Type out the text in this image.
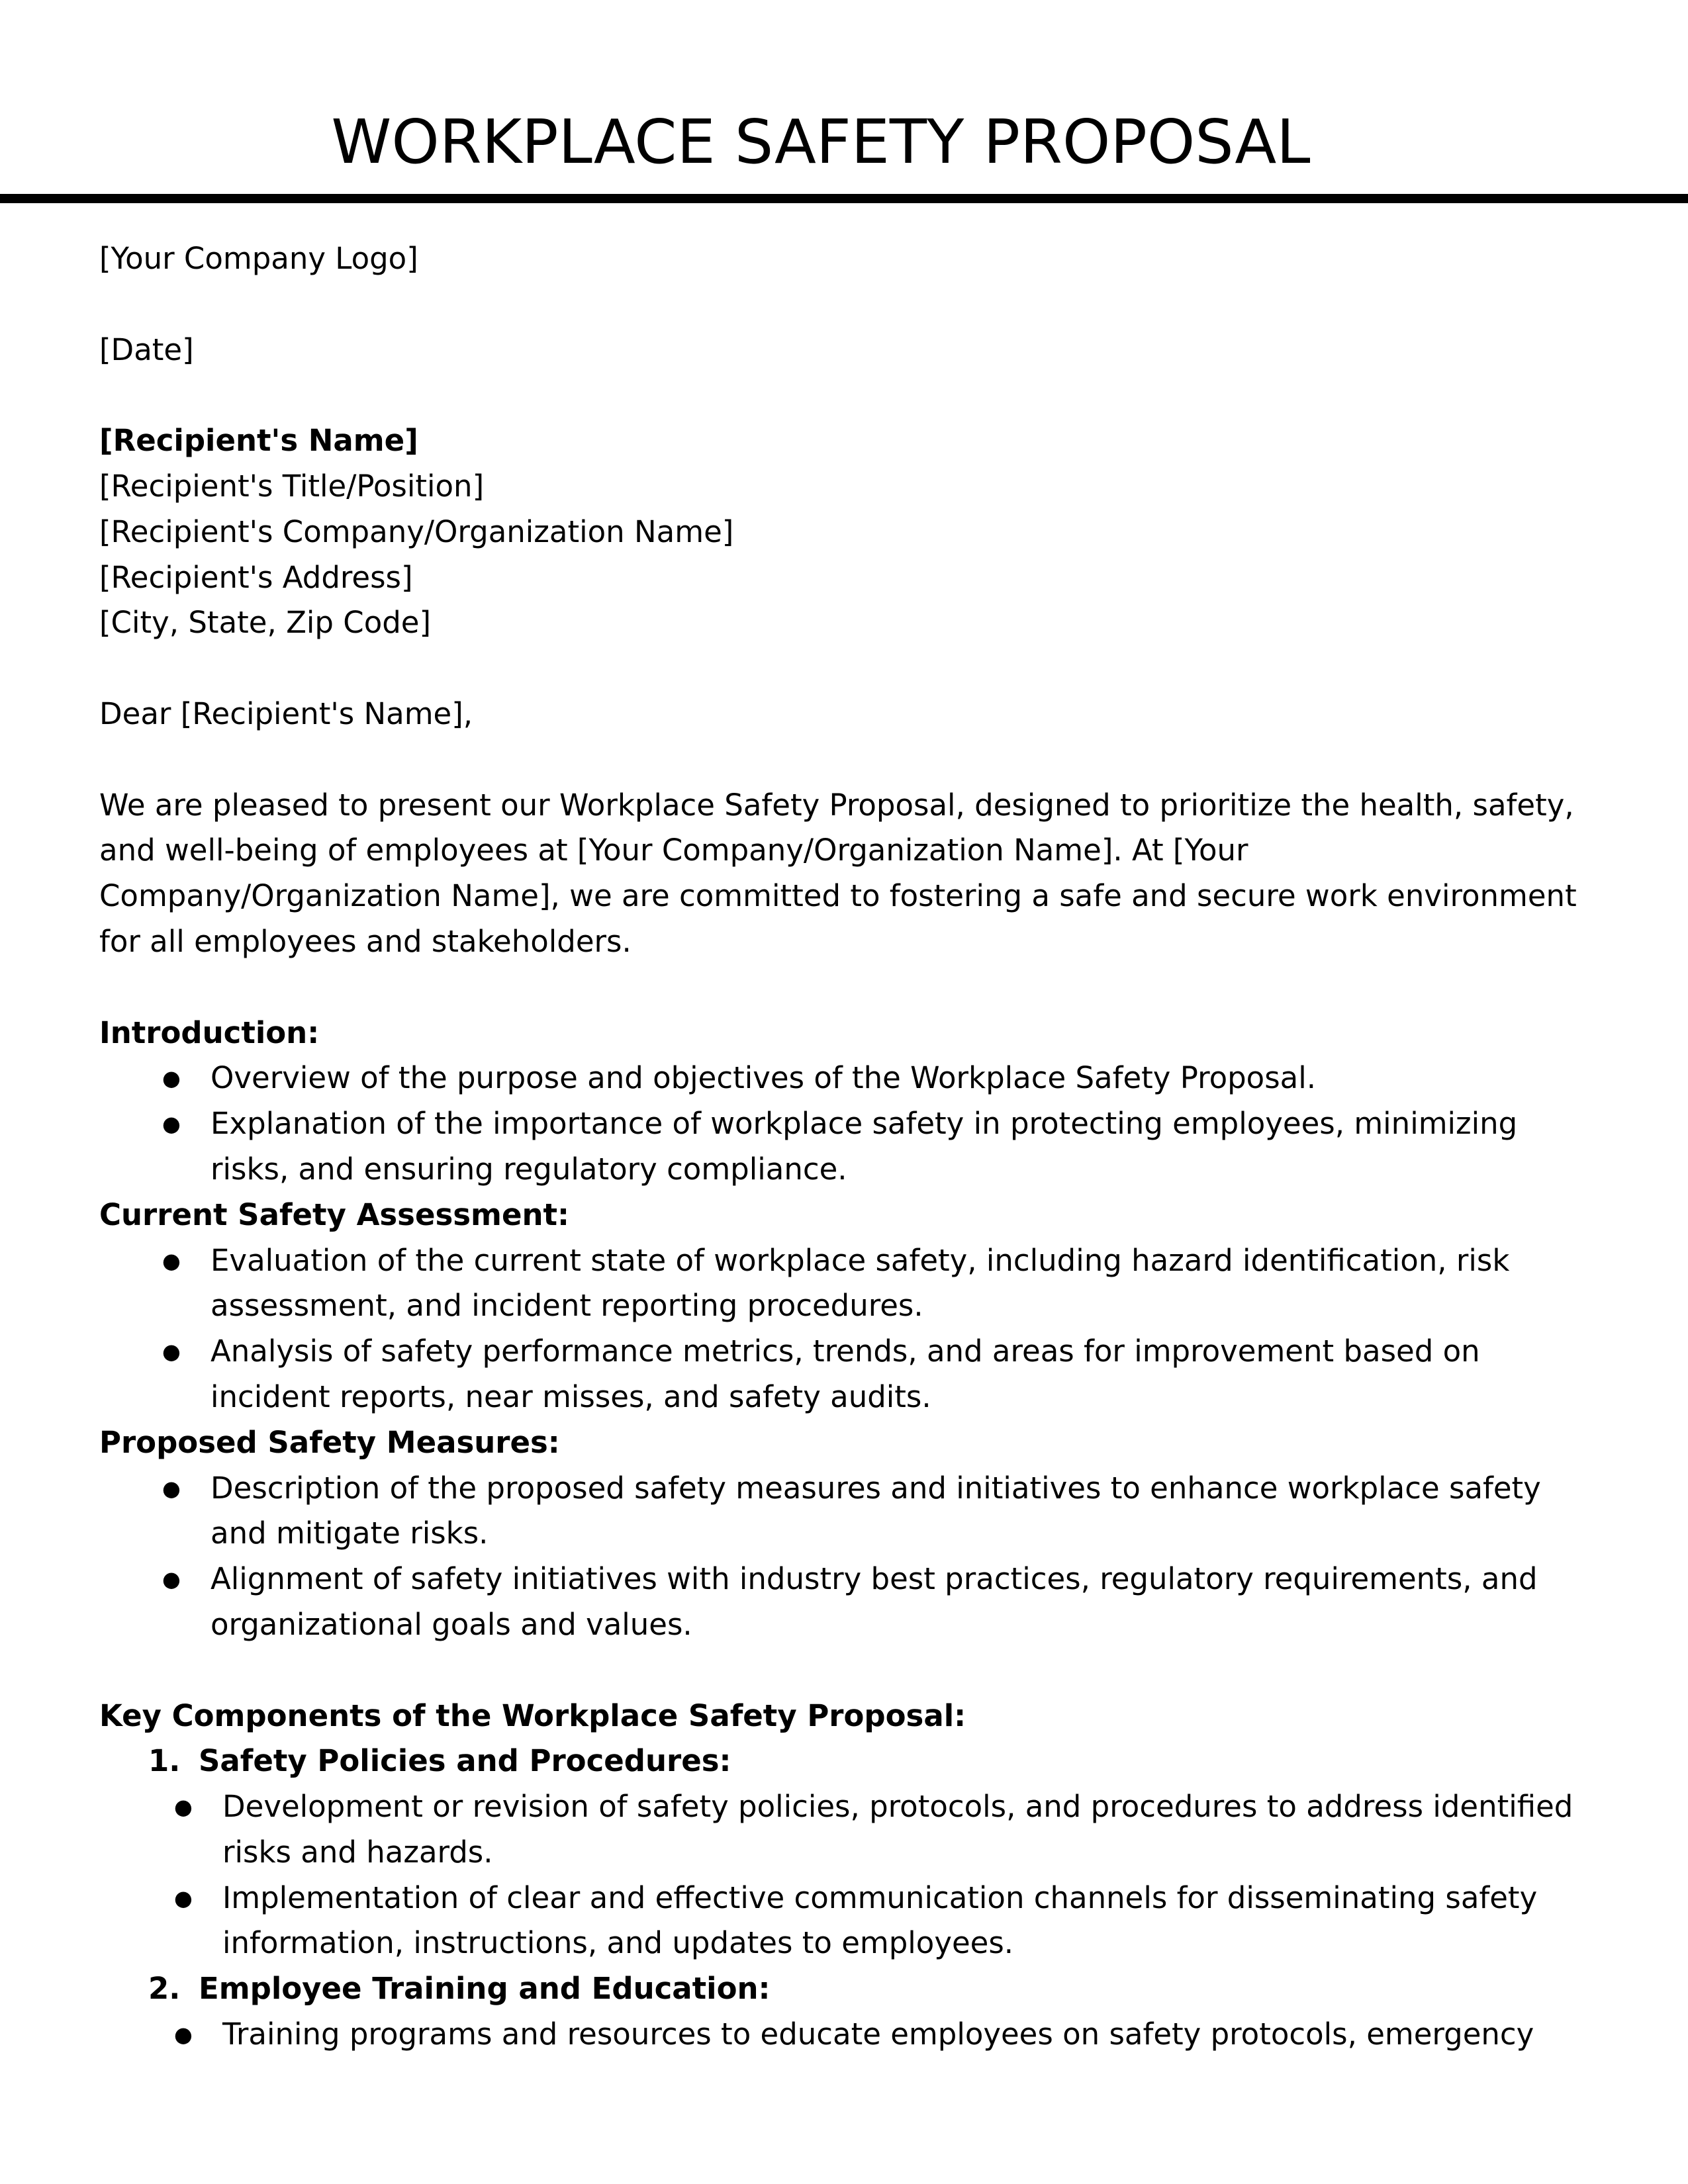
WORKPLACE SAFETY PROPOSAL
[Your Company Logo]
[Date]
[Recipient's Name]
[Recipient's Title/Position]
[Recipient's Company/Organization Name]
[Recipient's Address]
[City, State, Zip Code]
Dear [Recipient's Name],
We are pleased to present our Workplace Safety Proposal, designed to prioritize the health, safety, and well-being of employees at [Your Company/Organization Name]. At [Your Company/Organization Name], we are committed to fostering a safe and secure work environment for all employees and stakeholders.
Introduction:
● Overview of the purpose and objectives of the Workplace Safety Proposal.
● Explanation of the importance of workplace safety in protecting employees, minimizing risks, and ensuring regulatory compliance.
Current Safety Assessment:
● Evaluation of the current state of workplace safety, including hazard identification, risk assessment, and incident reporting procedures.
● Analysis of safety performance metrics, trends, and areas for improvement based on incident reports, near misses, and safety audits.
Proposed Safety Measures:
● Description of the proposed safety measures and initiatives to enhance workplace safety and mitigate risks.
● Alignment of safety initiatives with industry best practices, regulatory requirements, and organizational goals and values.
Key Components of the Workplace Safety Proposal:
1. Safety Policies and Procedures:
● Development or revision of safety policies, protocols, and procedures to address identified risks and hazards.
● Implementation of clear and effective communication channels for disseminating safety information, instructions, and updates to employees.
2. Employee Training and Education:
● Training programs and resources to educate employees on safety protocols, emergency
